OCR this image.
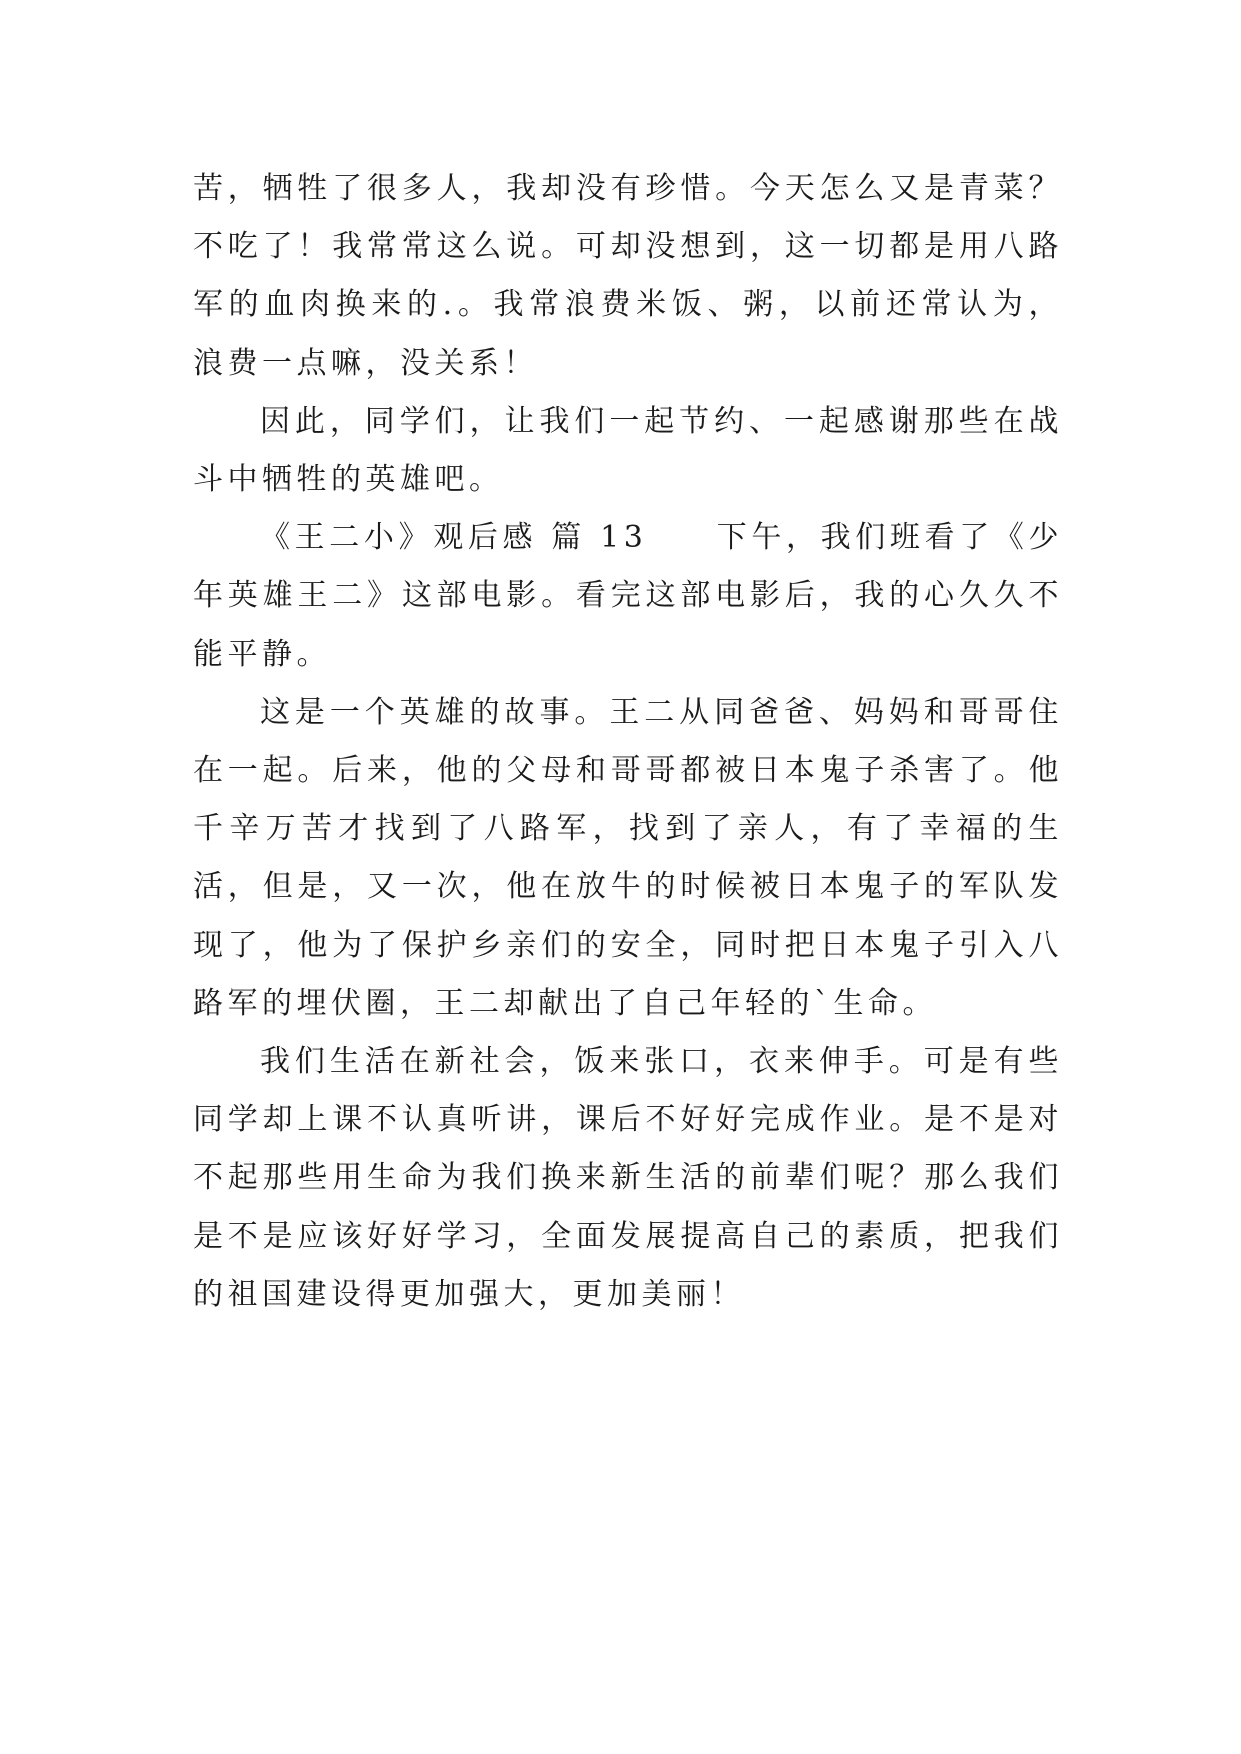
苦，牺牲了很多人，我却没有珍惜。今天怎么又是青菜？不吃了！我常常这么说。可却没想到，这一切都是用八路军的血肉换来的.。我常浪费米饭、粥，以前还常认为，浪费一点嘛，没关系！

因此，同学们，让我们一起节约、一起感谢那些在战斗中牺牲的英雄吧。

《王二小》观后感 篇 13　　下午，我们班看了《少年英雄王二》这部电影。看完这部电影后，我的心久久不能平静。

这是一个英雄的故事。王二从同爸爸、妈妈和哥哥住在一起。后来，他的父母和哥哥都被日本鬼子杀害了。他千辛万苦才找到了八路军，找到了亲人，有了幸福的生活，但是，又一次，他在放牛的时候被日本鬼子的军队发现了，他为了保护乡亲们的安全，同时把日本鬼子引入八路军的埋伏圈，王二却献出了自己年轻的`生命。

我们生活在新社会，饭来张口，衣来伸手。可是有些同学却上课不认真听讲，课后不好好完成作业。是不是对不起那些用生命为我们换来新生活的前辈们呢？那么我们是不是应该好好学习，全面发展提高自己的素质，把我们的祖国建设得更加强大，更加美丽！
